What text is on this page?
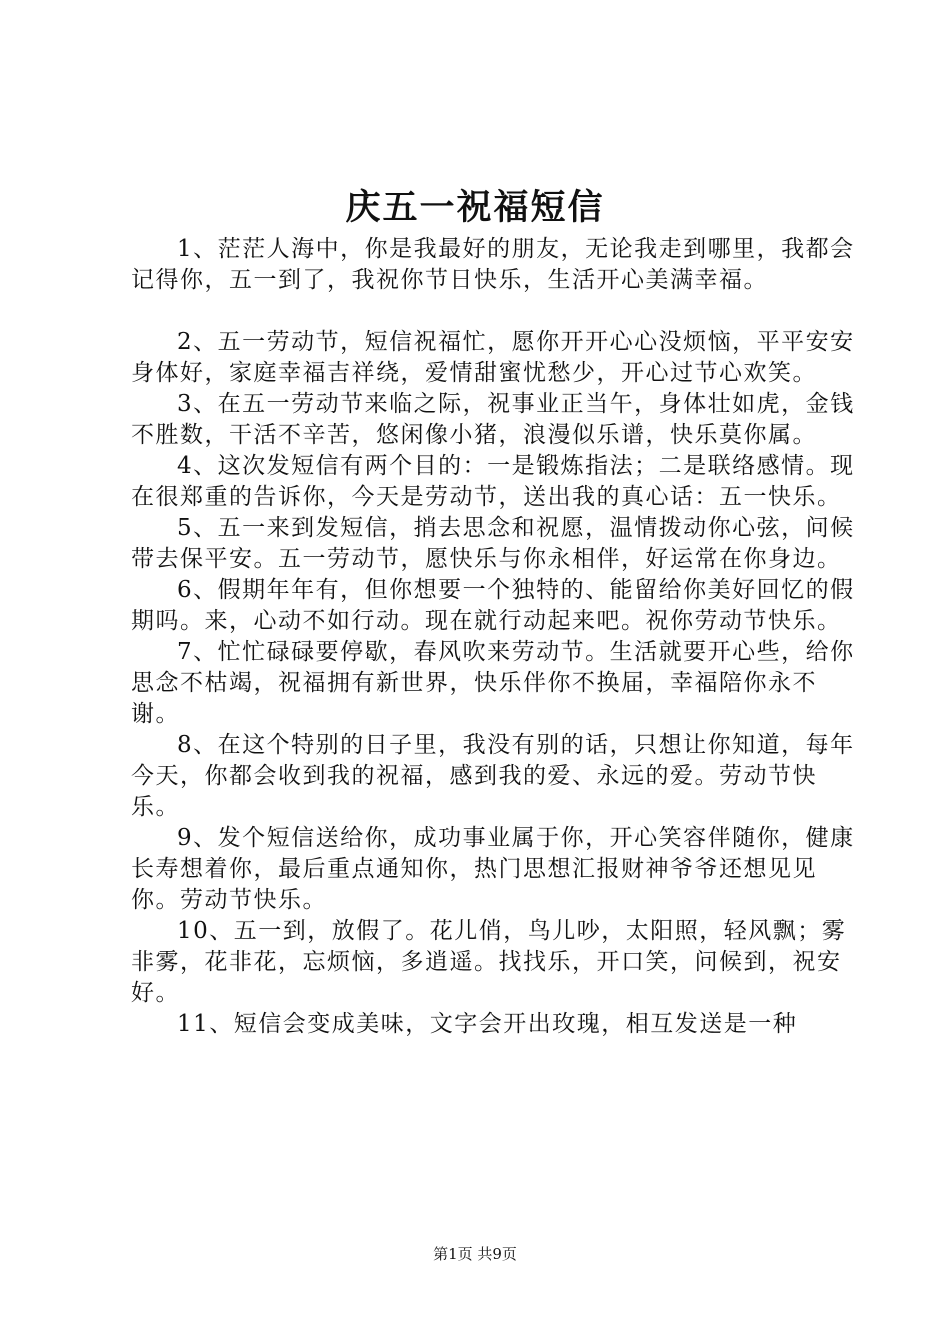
庆五一祝福短信

1、茫茫人海中，你是我最好的朋友，无论我走到哪里，我都会记得你，五一到了，我祝你节日快乐，生活开心美满幸福。

2、五一劳动节，短信祝福忙，愿你开开心心没烦恼，平平安安身体好，家庭幸福吉祥绕，爱情甜蜜忧愁少，开心过节心欢笑。

3、在五一劳动节来临之际，祝事业正当午，身体壮如虎，金钱不胜数，干活不辛苦，悠闲像小猪，浪漫似乐谱，快乐莫你属。

4、这次发短信有两个目的：一是锻炼指法；二是联络感情。现在很郑重的告诉你，今天是劳动节，送出我的真心话：五一快乐。

5、五一来到发短信，捎去思念和祝愿，温情拨动你心弦，问候带去保平安。五一劳动节，愿快乐与你永相伴，好运常在你身边。

6、假期年年有，但你想要一个独特的、能留给你美好回忆的假期吗。来，心动不如行动。现在就行动起来吧。祝你劳动节快乐。

7、忙忙碌碌要停歇，春风吹来劳动节。生活就要开心些，给你思念不枯竭，祝福拥有新世界，快乐伴你不换届，幸福陪你永不谢。

8、在这个特别的日子里，我没有别的话，只想让你知道，每年今天，你都会收到我的祝福，感到我的爱、永远的爱。劳动节快乐。

9、发个短信送给你，成功事业属于你，开心笑容伴随你，健康长寿想着你，最后重点通知你，热门思想汇报财神爷爷还想见见你。劳动节快乐。

10、五一到，放假了。花儿俏，鸟儿吵，太阳照，轻风飘；雾非雾，花非花，忘烦恼，多逍遥。找找乐，开口笑，问候到，祝安好。

11、短信会变成美味，文字会开出玫瑰，相互发送是一种

第1页 共9页
